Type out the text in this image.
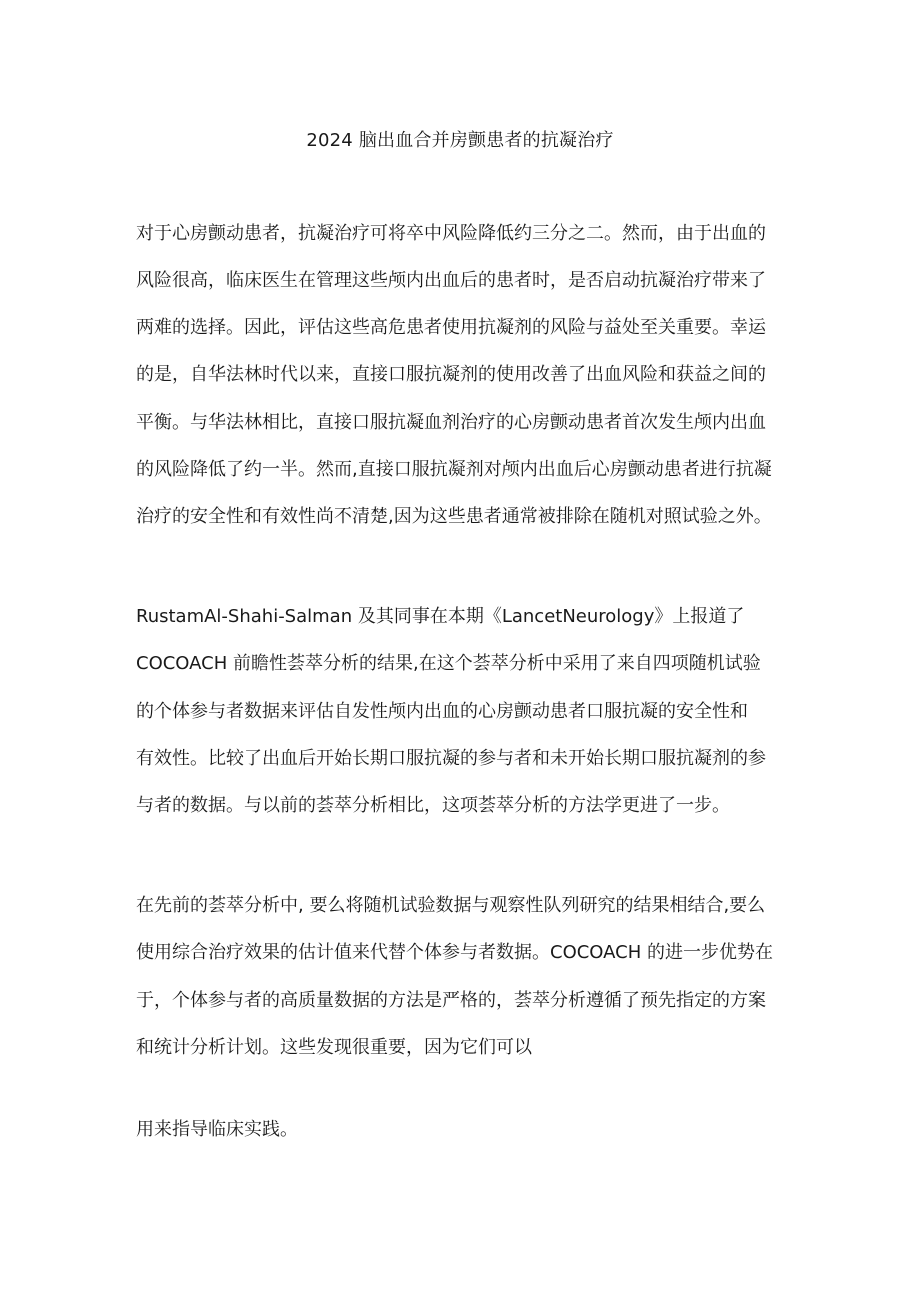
2024 脑出血合并房颤患者的抗凝治疗
对于心房颤动患者，抗凝治疗可将卒中风险降低约三分之二。然而，由于出血的
风险很高，临床医生在管理这些颅内出血后的患者时，是否启动抗凝治疗带来了
两难的选择。因此，评估这些高危患者使用抗凝剂的风险与益处至关重要。幸运
的是，自华法林时代以来，直接口服抗凝剂的使用改善了出血风险和获益之间的
平衡。与华法林相比，直接口服抗凝血剂治疗的心房颤动患者首次发生颅内出血
的风险降低了约一半。然而,直接口服抗凝剂对颅内出血后心房颤动患者进行抗凝
治疗的安全性和有效性尚不清楚,因为这些患者通常被排除在随机对照试验之外。
RustamAl-Shahi-Salman 及其同事在本期《LancetNeurology》上报道了
COCOACH 前瞻性荟萃分析的结果,在这个荟萃分析中采用了来自四项随机试验
的个体参与者数据来评估自发性颅内出血的心房颤动患者口服抗凝的安全性和
有效性。比较了出血后开始长期口服抗凝的参与者和未开始长期口服抗凝剂的参
与者的数据。与以前的荟萃分析相比，这项荟萃分析的方法学更进了一步。
在先前的荟萃分析中, 要么将随机试验数据与观察性队列研究的结果相结合,要么
使用综合治疗效果的估计值来代替个体参与者数据。COCOACH 的进一步优势在
于，个体参与者的高质量数据的方法是严格的，荟萃分析遵循了预先指定的方案
和统计分析计划。这些发现很重要，因为它们可以
用来指导临床实践。
